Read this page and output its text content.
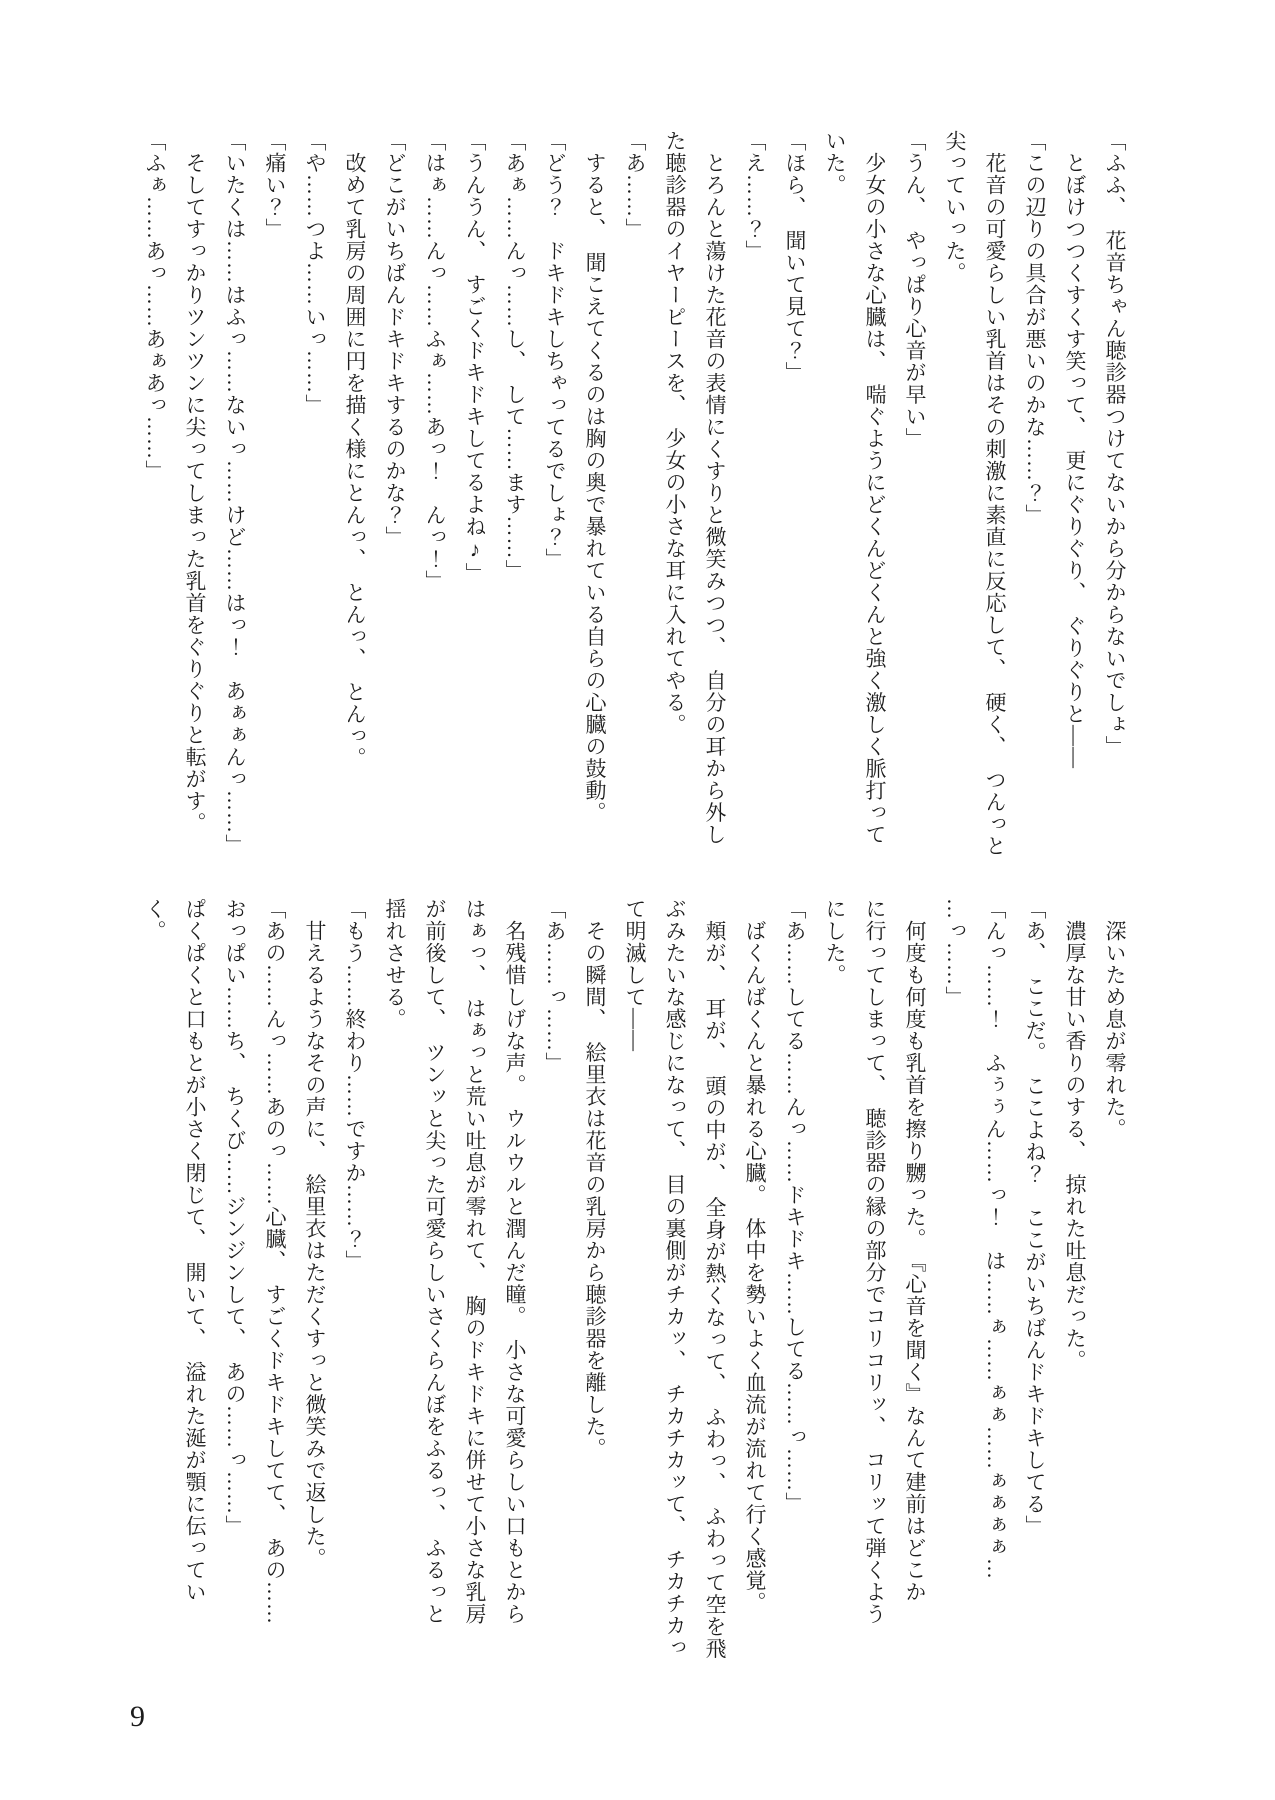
「ふふ、　花音ちゃん聴診器つけてないから分からないでしょ」
とぼけつつくすくす笑って、　更にぐりぐり、　ぐりぐりと――
「この辺りの具合が悪いのかな……？」
花音の可愛らしい乳首はその刺激に素直に反応して、　硬く、　つんっと
尖っていった。
「うん、　やっぱり心音が早い」
少女の小さな心臓は、　喘ぐようにどくんどくんと強く激しく脈打って
いた。
「ほら、　聞いて見て？」
「え……？」
とろんと蕩けた花音の表情にくすりと微笑みつつ、　自分の耳から外し
た聴診器のイヤーピースを、　少女の小さな耳に入れてやる。
「あ……」
すると、　聞こえてくるのは胸の奥で暴れている自らの心臓の鼓動。
「どう？　ドキドキしちゃってるでしょ？」
「あぁ……んっ……し、　して……ます……」
「うんうん、　すごくドキドキしてるよね♪」
「はぁ……んっ……ふぁ……あっ！　んっ！」
「どこがいちばんドキドキするのかな？」
改めて乳房の周囲に円を描く様にとんっ、　とんっ、　とんっ。
「や……つよ……いっ……」
「痛い？」
「いたくは……はふっ……ないっ……けど……はっ！　あぁぁんっ……」
そしてすっかりツンツンに尖ってしまった乳首をぐりぐりと転がす。
「ふぁ……あっ……あぁあっ……」
深いため息が零れた。
濃厚な甘い香りのする、　掠れた吐息だった。
「あ、　ここだ。　ここよね？　ここがいちばんドキドキしてる」
「んっ……！　ふぅぅん……っ！　は……ぁ……ぁぁ……ぁぁぁぁ…
…っ……」
何度も何度も乳首を擦り嬲った。　『心音を聞く』なんて建前はどこか
に行ってしまって、　聴診器の縁の部分でコリコリッ、　コリッて弾くよう
にした。
「あ……してる……んっ……ドキドキ……してる……っ……」
ばくんばくんと暴れる心臓。　体中を勢いよく血流が流れて行く感覚。
頬が、　耳が、　頭の中が、　全身が熱くなって、　ふわっ、　ふわって空を飛
ぶみたいな感じになって、　目の裏側がチカッ、　チカチカッて、　チカチカっ
て明滅して――
その瞬間、　絵里衣は花音の乳房から聴診器を離した。
「あ……っ……」
名残惜しげな声。　ウルウルと潤んだ瞳。　小さな可愛らしい口もとから
はぁっ、　はぁっと荒い吐息が零れて、　胸のドキドキに併せて小さな乳房
が前後して、　ツンッと尖った可愛らしいさくらんぼをふるっ、　ふるっと
揺れさせる。
「もう……終わり……ですか……？」
甘えるようなその声に、　絵里衣はただくすっと微笑みで返した。
「あの……んっ……あのっ……心臓、　すごくドキドキしてて、　あの……
おっぱい……ち、　ちくび……ジンジンして、　あの……っ……」
ぱくぱくと口もとが小さく閉じて、　開いて、　溢れた涎が顎に伝ってい
く。
9
